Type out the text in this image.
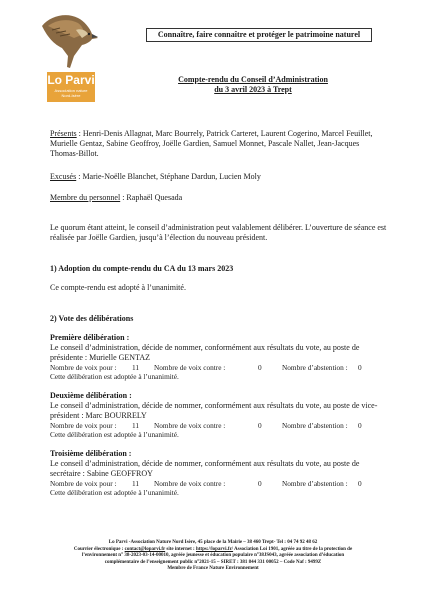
Lo Parvi
Association nature
Nord-Isère
Connaître, faire connaître et protéger le patrimoine naturel
Compte-rendu du Conseil d’Administration
du 3 avril 2023 à Trept
Présents : Henri-Denis Allagnat, Marc Bourrely, Patrick Carteret, Laurent Cogerino, Marcel Feuillet, Murielle Gentaz, Sabine Geoffroy, Joëlle Gardien, Samuel Monnet, Pascale Nallet, Jean-Jacques Thomas-Billot.
Excusés : Marie-Noëlle Blanchet, Stéphane Dardun, Lucien Moly
Membre du personnel : Raphaël Quesada
Le quorum étant atteint, le conseil d’administration peut valablement délibérer. L’ouverture de séance est réalisée par Joëlle Gardien, jusqu’à l’élection du nouveau président.
1) Adoption du compte-rendu du CA du 13 mars 2023
Ce compte-rendu est adopté à l’unanimité.
2) Vote des délibérations
Première délibération :
Le conseil d’administration, décide de nommer, conformément aux résultats du vote, au poste de présidente : Murielle GENTAZ
Nombre de voix pour : 11 Nombre de voix contre :	0	Nombre d’abstention : 0
Cette délibération est adoptée à l’unanimité.
Deuxième délibération :
Le conseil d’administration, décide de nommer, conformément aux résultats du vote, au poste de vice-président : Marc BOURRELY
Nombre de voix pour : 11 Nombre de voix contre :	0	Nombre d’abstention : 0
Cette délibération est adoptée à l’unanimité.
Troisième délibération :
Le conseil d’administration, décide de nommer, conformément aux résultats du vote, au poste de secrétaire : Sabine GEOFFROY
Nombre de voix pour : 11 Nombre de voix contre :	0	Nombre d’abstention : 0
Cette délibération est adoptée à l’unanimité.
Lo Parvi -Association Nature Nord Isère, 45 place de la Mairie – 38 460 Trept- Tel : 04 74 92 48 62
Courrier électronique : contact@loparvi.fr site internet : https://loparvi.fr/ Association Loi 1901, agréée au titre de la protection de
l’environnement n° 38-2023-03-14-00010, agréée jeunesse et éducation populaire n°38JS043, agréée association d’éducation
complémentaire de l’enseignement public n°2021-15 – SIRET : 381 844 331 00052 – Code Naf : 9499Z
Membre de France Nature Environnement
